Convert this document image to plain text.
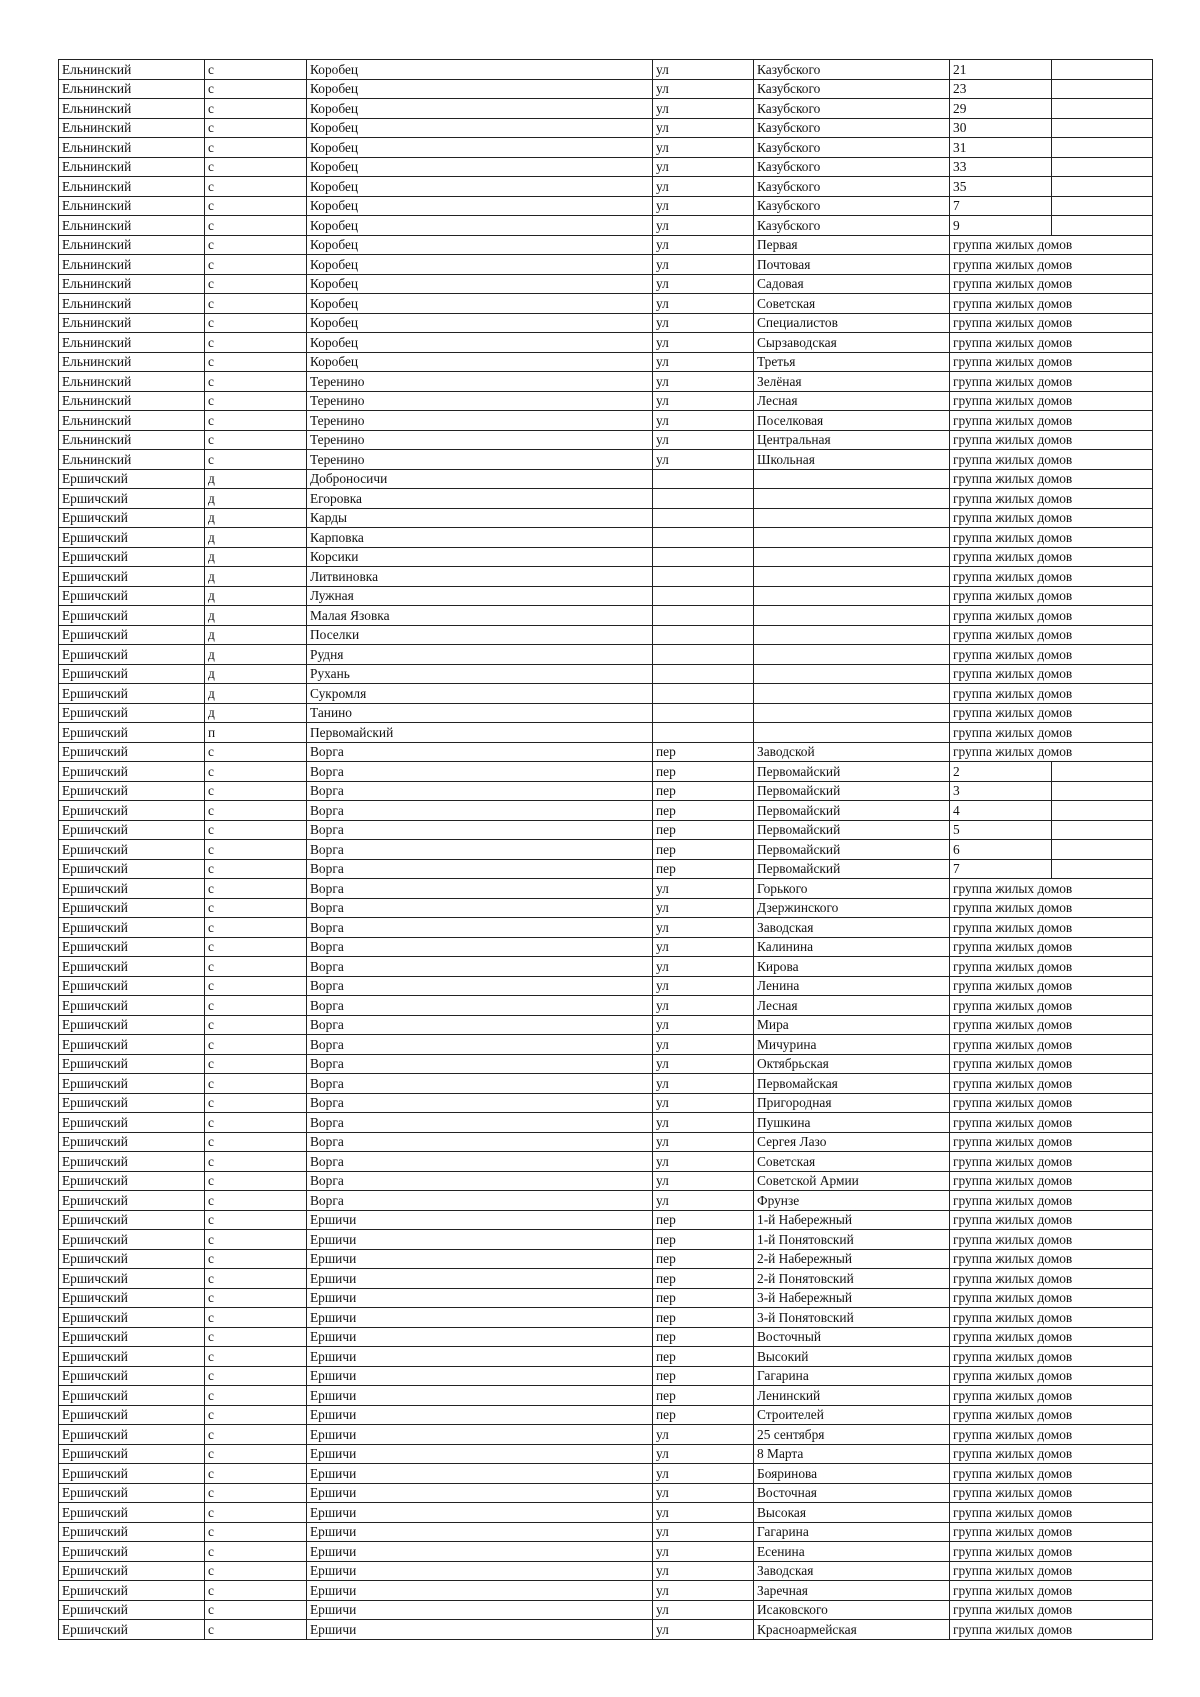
Ельнинский	с	Коробец	ул	Казубского	21	
Ельнинский	с	Коробец	ул	Казубского	23	
Ельнинский	с	Коробец	ул	Казубского	29	
Ельнинский	с	Коробец	ул	Казубского	30	
Ельнинский	с	Коробец	ул	Казубского	31	
Ельнинский	с	Коробец	ул	Казубского	33	
Ельнинский	с	Коробец	ул	Казубского	35	
Ельнинский	с	Коробец	ул	Казубского	7	
Ельнинский	с	Коробец	ул	Казубского	9	
Ельнинский	с	Коробец	ул	Первая	группа жилых домов	
Ельнинский	с	Коробец	ул	Почтовая	группа жилых домов	
Ельнинский	с	Коробец	ул	Садовая	группа жилых домов	
Ельнинский	с	Коробец	ул	Советская	группа жилых домов	
Ельнинский	с	Коробец	ул	Специалистов	группа жилых домов	
Ельнинский	с	Коробец	ул	Сырзаводская	группа жилых домов	
Ельнинский	с	Коробец	ул	Третья	группа жилых домов	
Ельнинский	с	Теренино	ул	Зелёная	группа жилых домов	
Ельнинский	с	Теренино	ул	Лесная	группа жилых домов	
Ельнинский	с	Теренино	ул	Поселковая	группа жилых домов	
Ельнинский	с	Теренино	ул	Центральная	группа жилых домов	
Ельнинский	с	Теренино	ул	Школьная	группа жилых домов	
Ершичский	д	Доброносичи			группа жилых домов	
Ершичский	д	Егоровка			группа жилых домов	
Ершичский	д	Карды			группа жилых домов	
Ершичский	д	Карповка			группа жилых домов	
Ершичский	д	Корсики			группа жилых домов	
Ершичский	д	Литвиновка			группа жилых домов	
Ершичский	д	Лужная			группа жилых домов	
Ершичский	д	Малая Язовка			группа жилых домов	
Ершичский	д	Поселки			группа жилых домов	
Ершичский	д	Рудня			группа жилых домов	
Ершичский	д	Рухань			группа жилых домов	
Ершичский	д	Сукромля			группа жилых домов	
Ершичский	д	Танино			группа жилых домов	
Ершичский	п	Первомайский			группа жилых домов	
Ершичский	с	Ворга	пер	Заводской	группа жилых домов	
Ершичский	с	Ворга	пер	Первомайский	2	
Ершичский	с	Ворга	пер	Первомайский	3	
Ершичский	с	Ворга	пер	Первомайский	4	
Ершичский	с	Ворга	пер	Первомайский	5	
Ершичский	с	Ворга	пер	Первомайский	6	
Ершичский	с	Ворга	пер	Первомайский	7	
Ершичский	с	Ворга	ул	Горького	группа жилых домов	
Ершичский	с	Ворга	ул	Дзержинского	группа жилых домов	
Ершичский	с	Ворга	ул	Заводская	группа жилых домов	
Ершичский	с	Ворга	ул	Калинина	группа жилых домов	
Ершичский	с	Ворга	ул	Кирова	группа жилых домов	
Ершичский	с	Ворга	ул	Ленина	группа жилых домов	
Ершичский	с	Ворга	ул	Лесная	группа жилых домов	
Ершичский	с	Ворга	ул	Мира	группа жилых домов	
Ершичский	с	Ворга	ул	Мичурина	группа жилых домов	
Ершичский	с	Ворга	ул	Октябрьская	группа жилых домов	
Ершичский	с	Ворга	ул	Первомайская	группа жилых домов	
Ершичский	с	Ворга	ул	Пригородная	группа жилых домов	
Ершичский	с	Ворга	ул	Пушкина	группа жилых домов	
Ершичский	с	Ворга	ул	Сергея Лазо	группа жилых домов	
Ершичский	с	Ворга	ул	Советская	группа жилых домов	
Ершичский	с	Ворга	ул	Советской Армии	группа жилых домов	
Ершичский	с	Ворга	ул	Фрунзе	группа жилых домов	
Ершичский	с	Ершичи	пер	1-й Набережный	группа жилых домов	
Ершичский	с	Ершичи	пер	1-й Понятовский	группа жилых домов	
Ершичский	с	Ершичи	пер	2-й Набережный	группа жилых домов	
Ершичский	с	Ершичи	пер	2-й Понятовский	группа жилых домов	
Ершичский	с	Ершичи	пер	3-й Набережный	группа жилых домов	
Ершичский	с	Ершичи	пер	3-й Понятовский	группа жилых домов	
Ершичский	с	Ершичи	пер	Восточный	группа жилых домов	
Ершичский	с	Ершичи	пер	Высокий	группа жилых домов	
Ершичский	с	Ершичи	пер	Гагарина	группа жилых домов	
Ершичский	с	Ершичи	пер	Ленинский	группа жилых домов	
Ершичский	с	Ершичи	пер	Строителей	группа жилых домов	
Ершичский	с	Ершичи	ул	25 сентября	группа жилых домов	
Ершичский	с	Ершичи	ул	8 Марта	группа жилых домов	
Ершичский	с	Ершичи	ул	Бояринова	группа жилых домов	
Ершичский	с	Ершичи	ул	Восточная	группа жилых домов	
Ершичский	с	Ершичи	ул	Высокая	группа жилых домов	
Ершичский	с	Ершичи	ул	Гагарина	группа жилых домов	
Ершичский	с	Ершичи	ул	Есенина	группа жилых домов	
Ершичский	с	Ершичи	ул	Заводская	группа жилых домов	
Ершичский	с	Ершичи	ул	Заречная	группа жилых домов	
Ершичский	с	Ершичи	ул	Исаковского	группа жилых домов	
Ершичский	с	Ершичи	ул	Красноармейская	группа жилых домов	
